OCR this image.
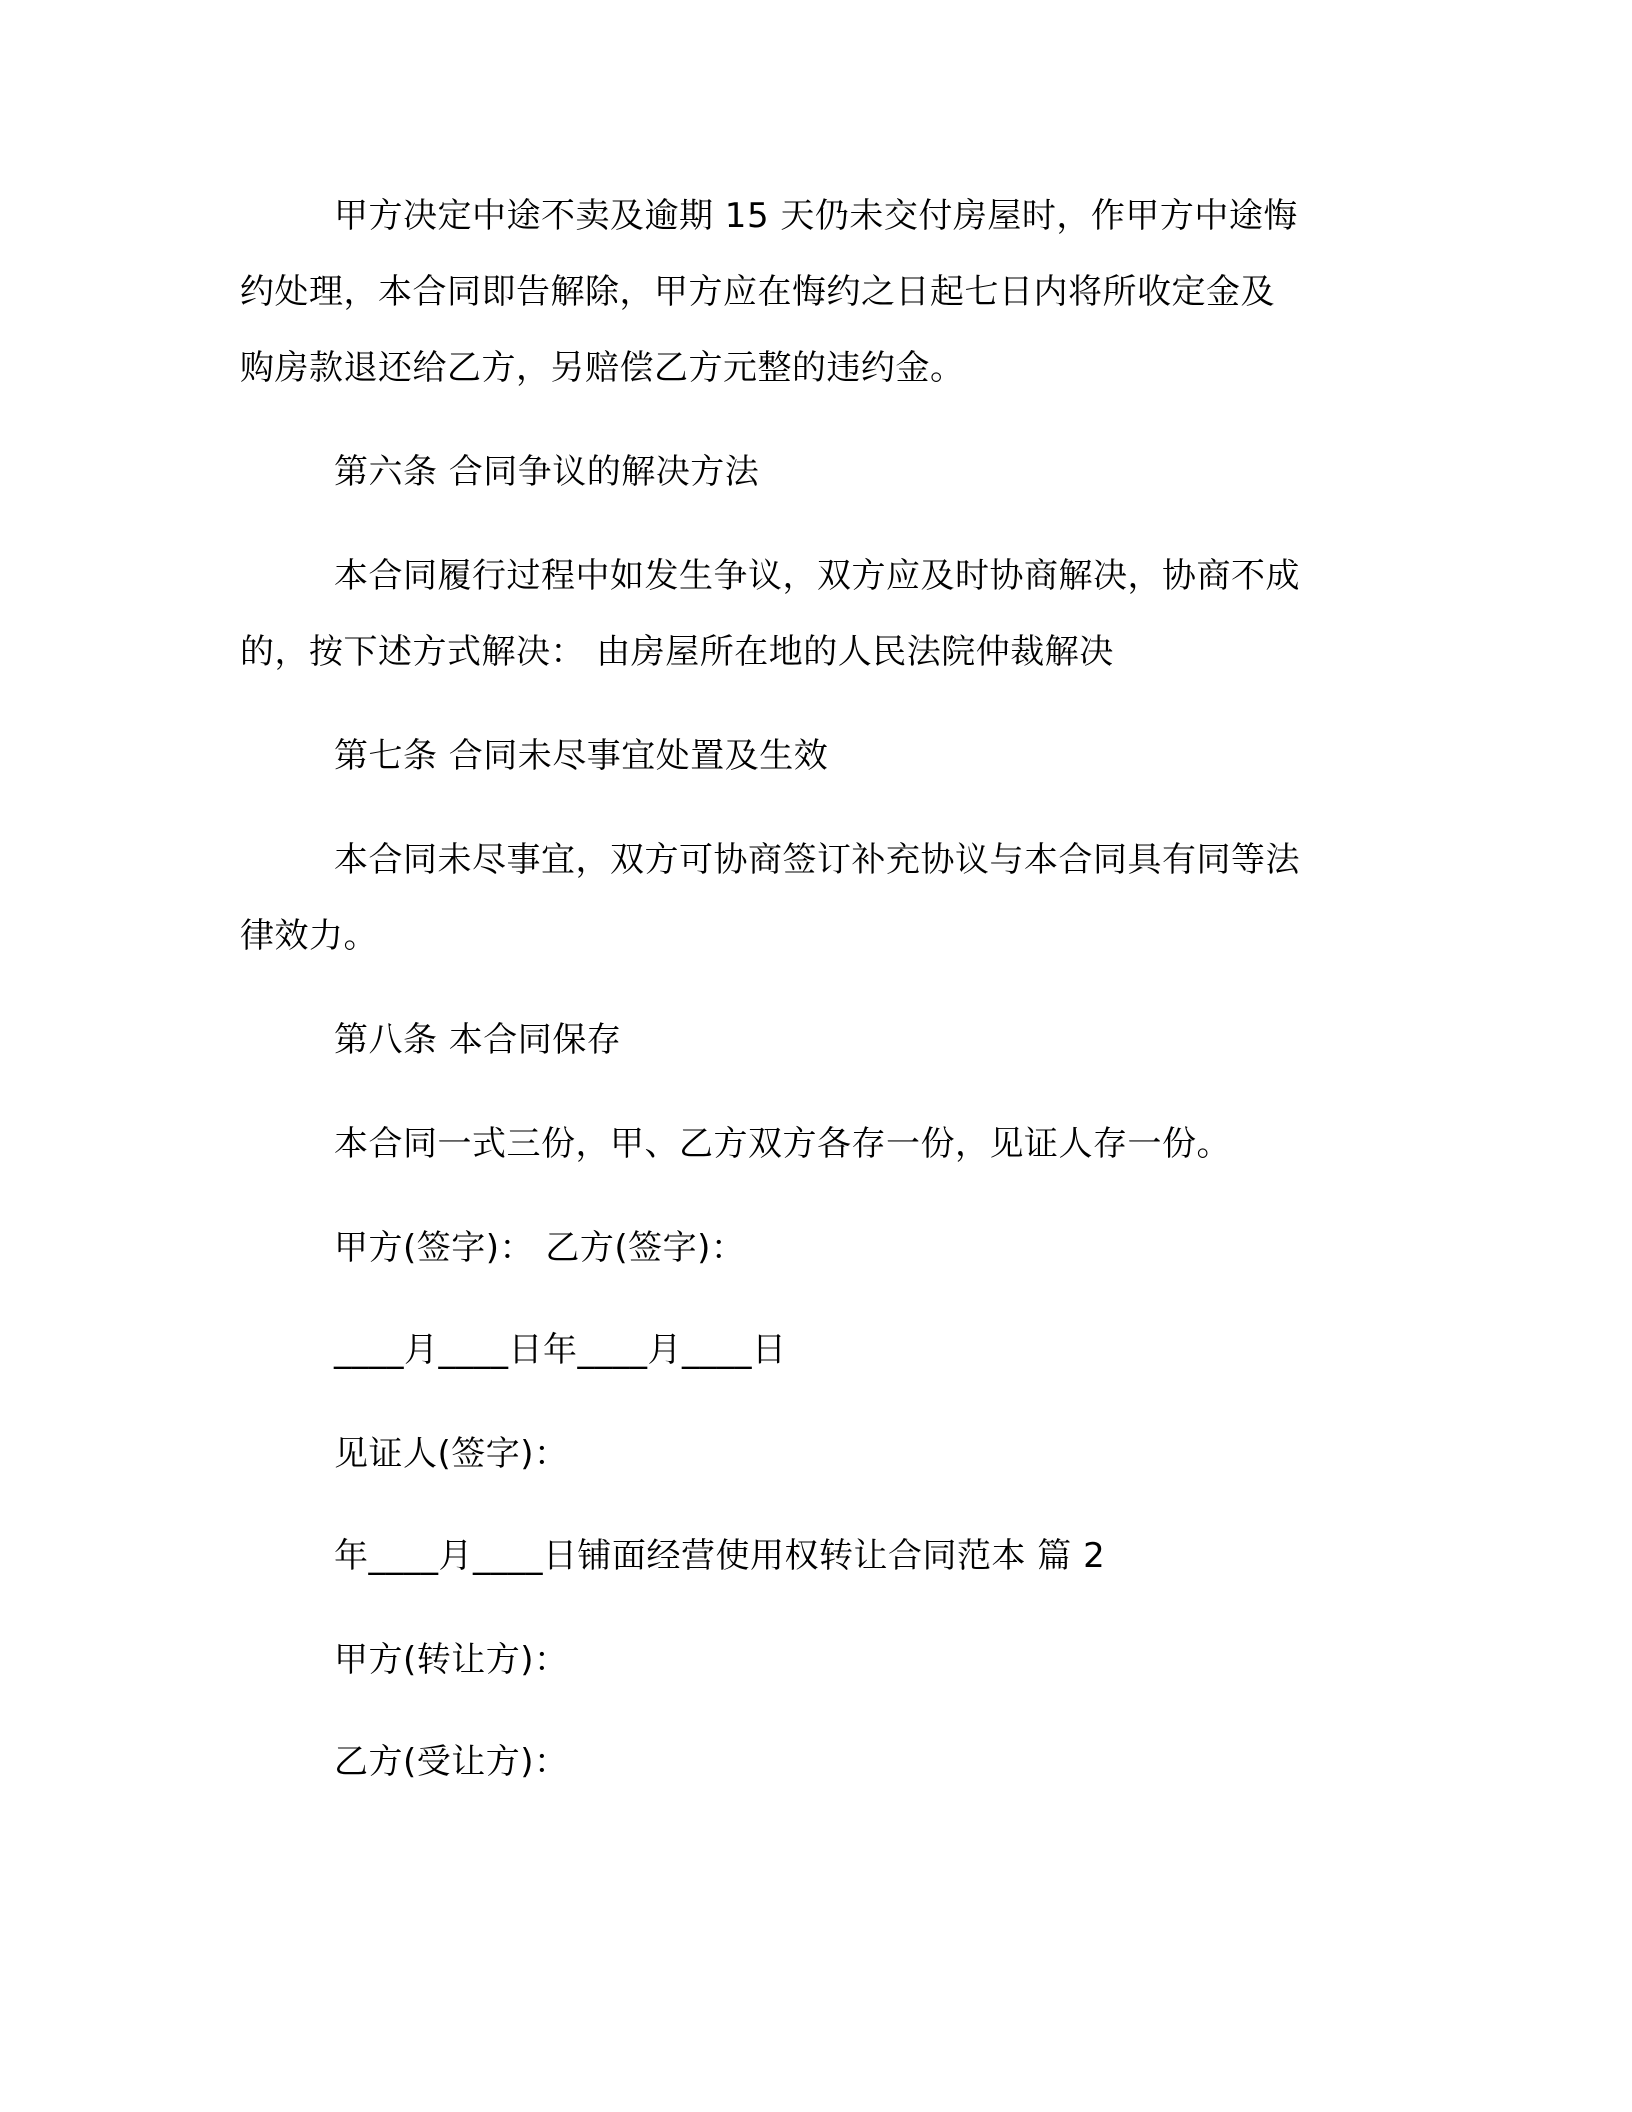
甲方决定中途不卖及逾期 15 天仍未交付房屋时，作甲方中途悔
约处理，本合同即告解除，甲方应在悔约之日起七日内将所收定金及
购房款退还给乙方，另赔偿乙方元整的违约金。
第六条 合同争议的解决方法
本合同履行过程中如发生争议，双方应及时协商解决，协商不成
的，按下述方式解决： 由房屋所在地的人民法院仲裁解决
第七条 合同未尽事宜处置及生效
本合同未尽事宜，双方可协商签订补充协议与本合同具有同等法
律效力。
第八条 本合同保存
本合同一式三份，甲、乙方双方各存一份，见证人存一份。
甲方(签字)： 乙方(签字)：
____月____日年____月____日
见证人(签字)：
年____月____日铺面经营使用权转让合同范本 篇 2
甲方(转让方)：
乙方(受让方)：
